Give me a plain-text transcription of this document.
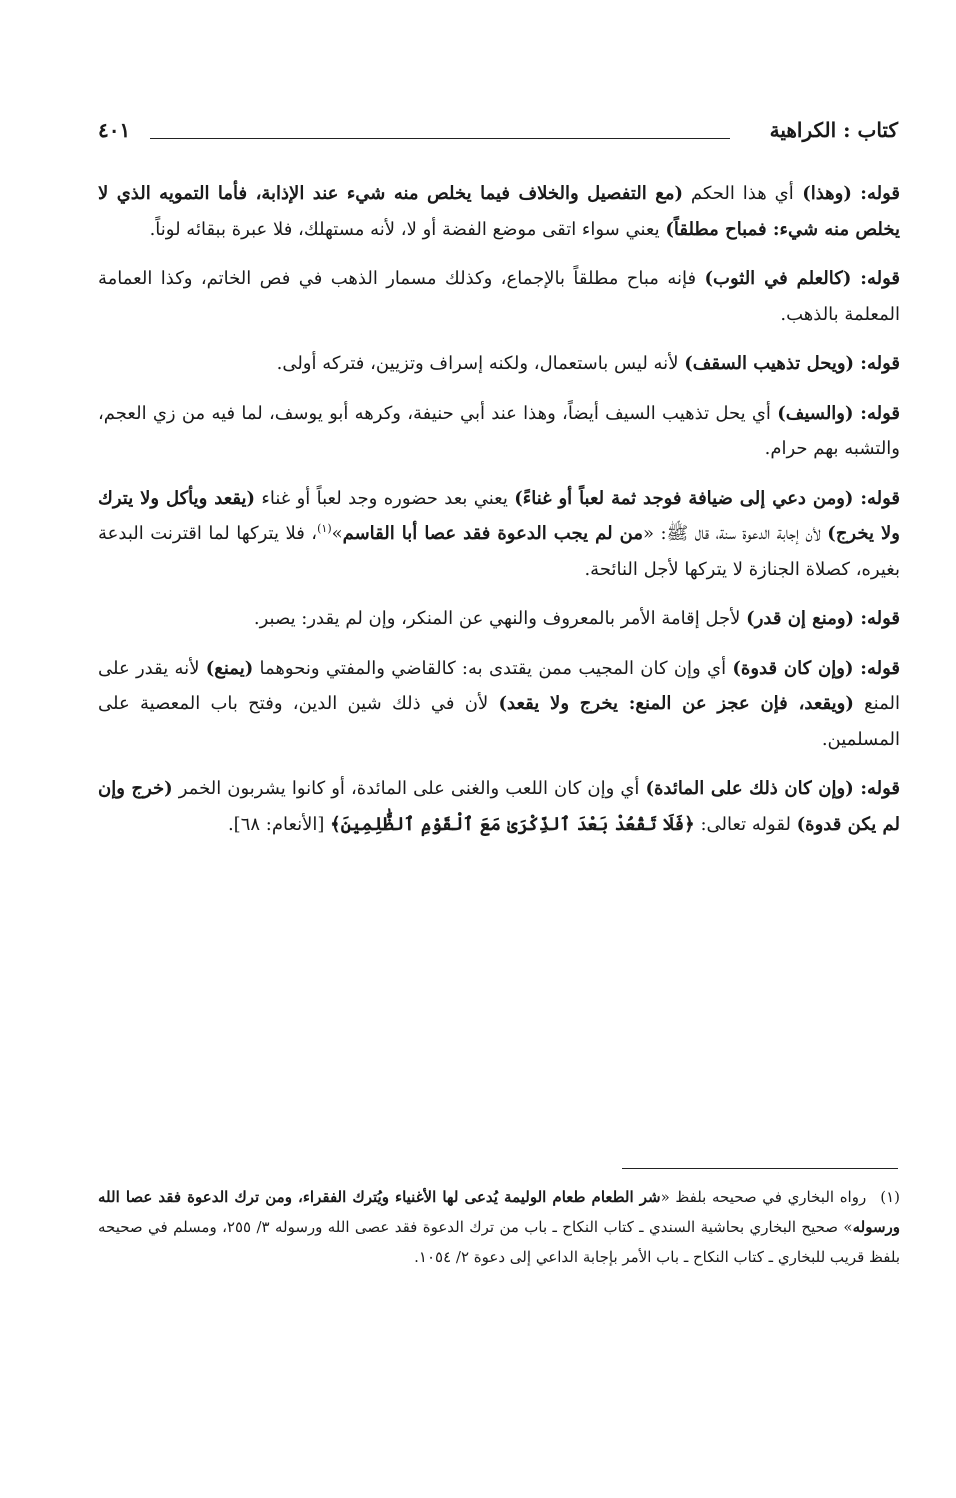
كتاب : الكراهية
٤٠١

قوله: (وهذا) أي هذا الحكم (مع التفصيل والخلاف فيما يخلص منه شيء عند الإذابة، فأما التمويه الذي لا يخلص منه شيء: فمباح مطلقاً) يعني سواء اتقى موضع الفضة أو لا، لأنه مستهلك، فلا عبرة ببقائه لوناً.

قوله: (كالعلم في الثوب) فإنه مباح مطلقاً بالإجماع، وكذلك مسمار الذهب في فص الخاتم، وكذا العمامة المعلمة بالذهب.

قوله: (ويحل تذهيب السقف) لأنه ليس باستعمال، ولكنه إسراف وتزيين، فتركه أولى.

قوله: (والسيف) أي يحل تذهيب السيف أيضاً، وهذا عند أبي حنيفة، وكرهه أبو يوسف، لما فيه من زي العجم، والتشبه بهم حرام.

قوله: (ومن دعي إلى ضيافة فوجد ثمة لعباً أو غناءً) يعني بعد حضوره وجد لعباً أو غناء (يقعد ويأكل ولا يترك ولا يخرج) لأن إجابة الدعوة سنة، قال ﷺ: «من لم يجب الدعوة فقد عصا أبا القاسم»$^{(١)}$، فلا يتركها لما اقترنت البدعة بغيره، كصلاة الجنازة لا يتركها لأجل النائحة.

قوله: (ومنع إن قدر) لأجل إقامة الأمر بالمعروف والنهي عن المنكر، وإن لم يقدر: يصبر.

قوله: (وإن كان قدوة) أي وإن كان المجيب ممن يقتدى به: كالقاضي والمفتي ونحوهما (يمنع) لأنه يقدر على المنع (ويقعد، فإن عجز عن المنع: يخرج ولا يقعد) لأن في ذلك شين الدين، وفتح باب المعصية على المسلمين.

قوله: (وإن كان ذلك على المائدة) أي وإن كان اللعب والغنى على المائدة، أو كانوا يشربون الخمر (خرج وإن لم يكن قدوة) لقوله تعالى: ﴿فَلَا تَقْعُدْ بَعْدَ ٱلذِّكْرَىٰ مَعَ ٱلْقَوْمِ ٱلظَّٰلِمِينَ﴾ [الأنعام: ٦٨].

(١)رواه البخاري في صحيحه بلفظ «شر الطعام طعام الوليمة يُدعى لها الأغنياء ويُترك الفقراء، ومن ترك الدعوة فقد عصا الله ورسوله» صحيح البخاري بحاشية السندي ـ كتاب النكاح ـ باب من ترك الدعوة فقد عصى الله ورسوله ٣/ ٢٥٥، ومسلم في صحيحه بلفظ قريب للبخاري ـ كتاب النكاح ـ باب الأمر بإجابة الداعي إلى دعوة ٢/ ١٠٥٤.
